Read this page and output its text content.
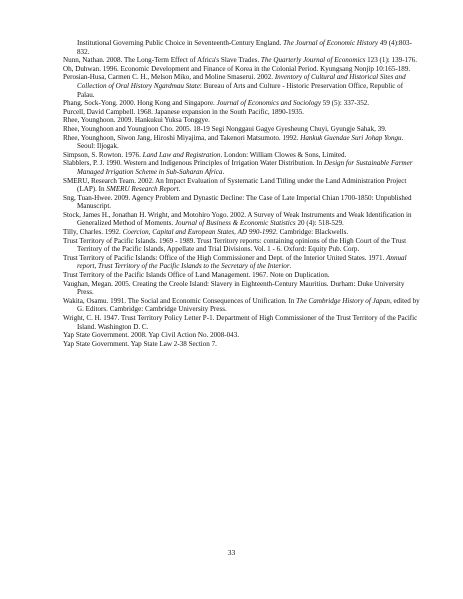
Institutional Governing Public Choice in Seventeenth-Century England. The Journal of Economic History 49 (4):803-832.

Nunn, Nathan. 2008. The Long-Term Effect of Africa's Slave Trades. The Quarterly Journal of Economics 123 (1): 139-176.

Oh, Duhwan. 1996. Economic Development and Finance of Korea in the Colonial Period. Kyungsang Nonjip 10:165-189.

Perosian-Husa, Carmen C. H., Melson Miko, and Moline Smaserui. 2002. Inventory of Cultural and Historical Sites and Collection of Oral History Ngardmau State: Bureau of Arts and Culture - Historic Preservation Office, Republic of Palau.

Phang, Sock-Yong. 2000. Hong Kong and Singapore. Journal of Economics and Sociology 59 (5): 337-352.

Purcell, David Campbell. 1968. Japanese expansion in the South Pacific, 1890-1935.

Rhee, Younghoon. 2009. Hankukui Yuksa Tonggye.

Rhee, Younghoon and Youngjoon Cho. 2005. 18-19 Segi Nonggaui Gagye Gyesheung Chuyi, Gyungje Sahak, 39.

Rhee, Younghoon, Siwon Jang, Hiroshi Miyajima, and Takenori Matsumoto. 1992. Hankuk Guendae Suri Johap Yongu. Seoul: Iljogak.

Simpson, S. Rowton. 1976. Land Law and Registration. London: William Clowes & Sons, Limited.

Slabblers, P. J. 1990. Western and Indigenous Principles of Irrigation Water Distribution. In Design for Sustainable Farmer Managed Irrigation Scheme in Sub-Saharan Africa.

SMERU, Research Team. 2002. An Impact Evaluation of Systematic Land Titling under the Land Administration Project (LAP). In SMERU Research Report.

Sng, Tuan-Hwee. 2009. Agency Problem and Dynastic Decline: The Case of Late Imperial Chian 1700-1850: Unpublished Manuscript.

Stock, James H., Jonathan H. Wright, and Motohiro Yogo. 2002. A Survey of Weak Instruments and Weak Identification in Generalized Method of Moments. Journal of Business & Economic Statistics 20 (4): 518-529.

Tilly, Charles. 1992. Coercion, Capital and European States, AD 990-1992. Cambridge: Blackwells.

Trust Territory of Pacific Islands. 1969 - 1989. Trust Territory reports: containing opinions of the High Court of the Trust Territory of the Pacific Islands, Appellate and Trial Divisions. Vol. 1 - 6. Oxford: Equity Pub. Corp.

Trust Territory of Pacific Islands: Office of the High Commissioner and Dept. of the Interior United States. 1971. Annual report, Trust Territory of the Pacific Islands to the Secretary of the Interior.

Trust Territory of the Pacific Islands Office of Land Management. 1967. Note on Duplication.

Vaughan, Megan. 2005. Creating the Creole Island: Slavery in Eighteenth-Century Mauritius. Durham: Duke University Press.

Wakita, Osamu. 1991. The Social and Economic Consequences of Unification. In The Cambridge History of Japan, edited by G. Editors. Cambridge: Cambridge University Press.

Wright, C. H. 1947. Trust Territory Policy Letter P-1. Department of High Commissioner of the Trust Territory of the Pacific Island. Washington D. C.

Yap State Government. 2008. Yap Civil Action No. 2008-043.

Yap State Government. Yap State Law 2-38 Section 7.

33
